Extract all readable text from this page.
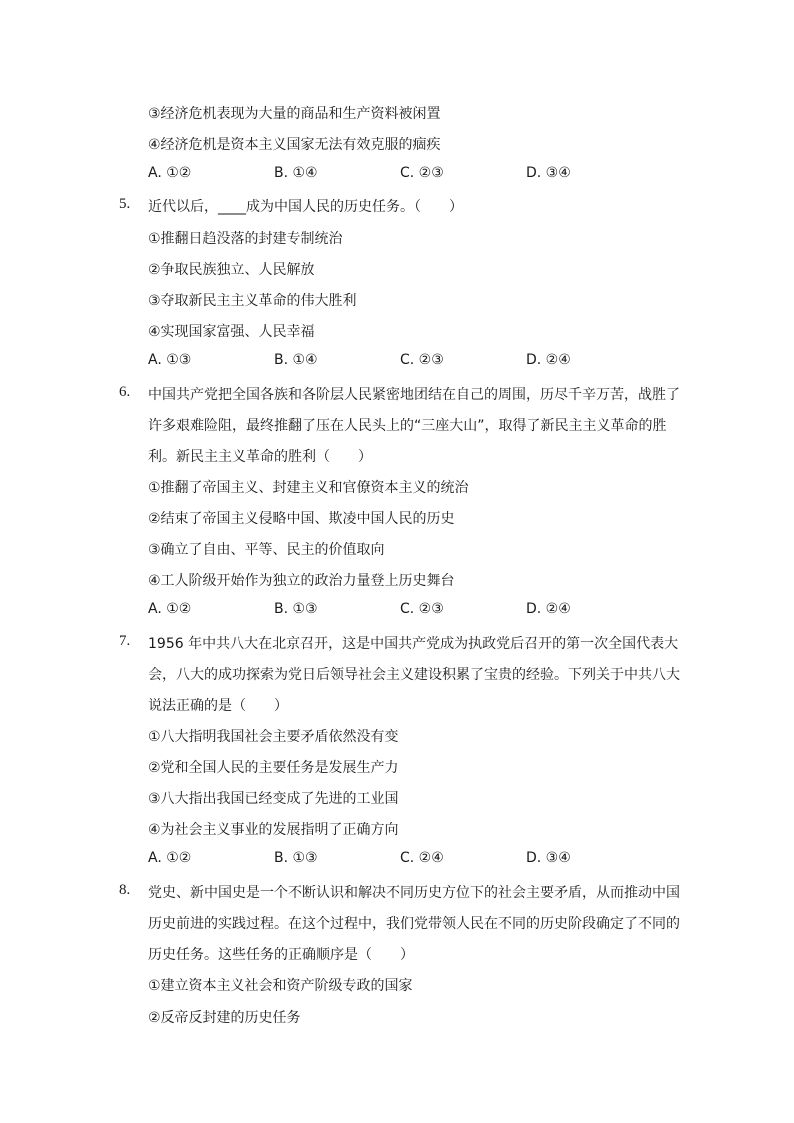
③经济危机表现为大量的商品和生产资料被闲置
④经济危机是资本主义国家无法有效克服的痼疾
A. ①②	B. ①④	C. ②③	D. ③④
5. 近代以后，____成为中国人民的历史任务。（　　）
①推翻日趋没落的封建专制统治
②争取民族独立、人民解放
③夺取新民主主义革命的伟大胜利
④实现国家富强、人民幸福
A. ①③	B. ①④	C. ②③	D. ②④
6. 中国共产党把全国各族和各阶层人民紧密地团结在自己的周围，历尽千辛万苦，战胜了
许多艰难险阻，最终推翻了压在人民头上的“三座大山”，取得了新民主主义革命的胜
利。新民主主义革命的胜利（　　）
①推翻了帝国主义、封建主义和官僚资本主义的统治
②结束了帝国主义侵略中国、欺凌中国人民的历史
③确立了自由、平等、民主的价值取向
④工人阶级开始作为独立的政治力量登上历史舞台
A. ①②	B. ①③	C. ②③	D. ②④
7. 1956 年中共八大在北京召开，这是中国共产党成为执政党后召开的第一次全国代表大
会，八大的成功探索为党日后领导社会主义建设积累了宝贵的经验。下列关于中共八大
说法正确的是（　　）
①八大指明我国社会主要矛盾依然没有变
②党和全国人民的主要任务是发展生产力
③八大指出我国已经变成了先进的工业国
④为社会主义事业的发展指明了正确方向
A. ①②	B. ①③	C. ②④	D. ③④
8. 党史、新中国史是一个不断认识和解决不同历史方位下的社会主要矛盾，从而推动中国
历史前进的实践过程。在这个过程中，我们党带领人民在不同的历史阶段确定了不同的
历史任务。这些任务的正确顺序是（　　）
①建立资本主义社会和资产阶级专政的国家
②反帝反封建的历史任务
